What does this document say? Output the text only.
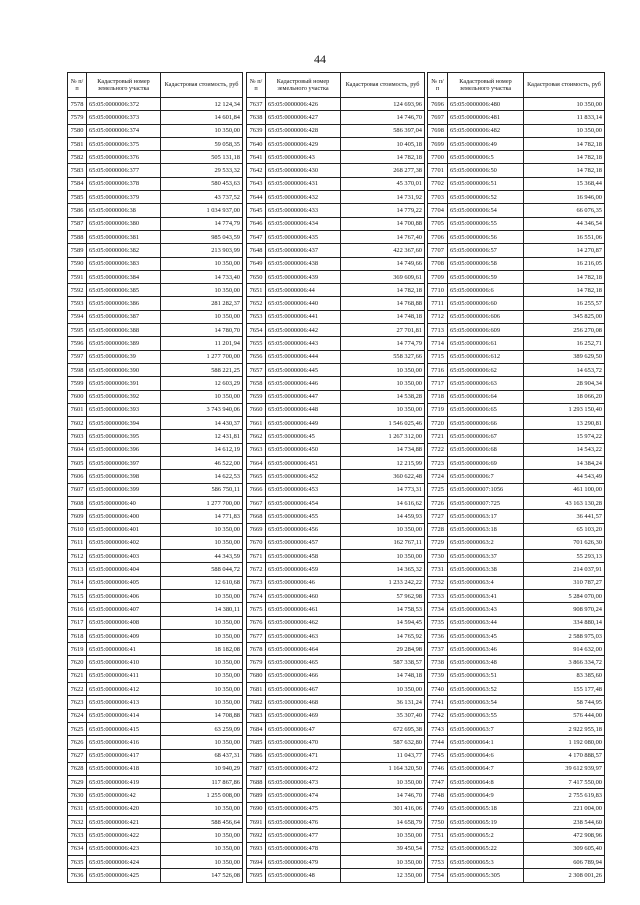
44
№ п/п	Кадастровый номер земельного участка	Кадастровая стоимость, руб
7578	65:05:0000006:372	12 124,34
7579	65:05:0000006:373	14 601,84
7580	65:05:0000006:374	10 350,00
7581	65:05:0000006:375	59 058,35
7582	65:05:0000006:376	505 131,18
7583	65:05:0000006:377	29 533,32
7584	65:05:0000006:378	580 453,63
7585	65:05:0000006:379	43 737,52
7586	65:05:0000006:38	1 034 937,00
7587	65:05:0000006:380	14 774,79
7588	65:05:0000006:381	985 043,59
7589	65:05:0000006:382	213 903,99
7590	65:05:0000006:383	10 350,00
7591	65:05:0000006:384	14 733,40
7592	65:05:0000006:385	10 350,00
7593	65:05:0000006:386	281 282,37
7594	65:05:0000006:387	10 350,00
7595	65:05:0000006:388	14 780,70
7596	65:05:0000006:389	11 201,94
7597	65:05:0000006:39	1 277 700,00
7598	65:05:0000006:390	588 221,25
7599	65:05:0000006:391	12 603,29
7600	65:05:0000006:392	10 350,00
7601	65:05:0000006:393	3 743 940,06
7602	65:05:0000006:394	14 430,37
7603	65:05:0000006:395	12 431,81
7604	65:05:0000006:396	14 612,19
7605	65:05:0000006:397	46 522,00
7606	65:05:0000006:398	14 622,53
7607	65:05:0000006:399	586 750,11
7608	65:05:0000006:40	1 277 700,00
7609	65:05:0000006:400	14 771,83
7610	65:05:0000006:401	10 350,00
7611	65:05:0000006:402	10 350,00
7612	65:05:0000006:403	44 343,59
7613	65:05:0000006:404	588 044,72
7614	65:05:0000006:405	12 610,68
7615	65:05:0000006:406	10 350,00
7616	65:05:0000006:407	14 380,11
7617	65:05:0000006:408	10 350,00
7618	65:05:0000006:409	10 350,00
7619	65:05:0000006:41	18 182,08
7620	65:05:0000006:410	10 350,00
7621	65:05:0000006:411	10 350,00
7622	65:05:0000006:412	10 350,00
7623	65:05:0000006:413	10 350,00
7624	65:05:0000006:414	14 708,88
7625	65:05:0000006:415	63 259,09
7626	65:05:0000006:416	10 350,00
7627	65:05:0000006:417	68 437,31
7628	65:05:0000006:418	10 940,29
7629	65:05:0000006:419	117 867,86
7630	65:05:0000006:42	1 255 008,00
7631	65:05:0000006:420	10 350,00
7632	65:05:0000006:421	588 456,64
7633	65:05:0000006:422	10 350,00
7634	65:05:0000006:423	10 350,00
7635	65:05:0000006:424	10 350,00
7636	65:05:0000006:425	147 526,08
№ п/п	Кадастровый номер земельного участка	Кадастровая стоимость, руб
7637	65:05:0000006:426	124 693,96
7638	65:05:0000006:427	14 746,70
7639	65:05:0000006:428	586 397,04
7640	65:05:0000006:429	10 405,18
7641	65:05:0000006:43	14 782,18
7642	65:05:0000006:430	268 277,38
7643	65:05:0000006:431	45 370,01
7644	65:05:0000006:432	14 731,92
7645	65:05:0000006:433	14 779,22
7646	65:05:0000006:434	14 700,88
7647	65:05:0000006:435	14 767,40
7648	65:05:0000006:437	422 367,60
7649	65:05:0000006:438	14 749,66
7650	65:05:0000006:439	369 609,61
7651	65:05:0000006:44	14 782,18
7652	65:05:0000006:440	14 768,88
7653	65:05:0000006:441	14 748,18
7654	65:05:0000006:442	27 701,81
7655	65:05:0000006:443	14 774,79
7656	65:05:0000006:444	558 327,66
7657	65:05:0000006:445	10 350,00
7658	65:05:0000006:446	10 350,00
7659	65:05:0000006:447	14 538,28
7660	65:05:0000006:448	10 350,00
7661	65:05:0000006:449	1 546 025,46
7662	65:05:0000006:45	1 267 312,00
7663	65:05:0000006:450	14 734,88
7664	65:05:0000006:451	12 215,99
7665	65:05:0000006:452	360 622,48
7666	65:05:0000006:453	14 773,31
7667	65:05:0000006:454	14 616,62
7668	65:05:0000006:455	14 459,93
7669	65:05:0000006:456	10 350,00
7670	65:05:0000006:457	162 767,11
7671	65:05:0000006:458	10 350,00
7672	65:05:0000006:459	14 365,32
7673	65:05:0000006:46	1 233 242,22
7674	65:05:0000006:460	57 962,98
7675	65:05:0000006:461	14 758,53
7676	65:05:0000006:462	14 594,45
7677	65:05:0000006:463	14 765,92
7678	65:05:0000006:464	29 284,98
7679	65:05:0000006:465	587 338,57
7680	65:05:0000006:466	14 748,18
7681	65:05:0000006:467	10 350,00
7682	65:05:0000006:468	36 131,24
7683	65:05:0000006:469	35 307,40
7684	65:05:0000006:47	672 695,38
7685	65:05:0000006:470	587 632,80
7686	65:05:0000006:471	11 043,77
7687	65:05:0000006:472	1 164 320,50
7688	65:05:0000006:473	10 350,00
7689	65:05:0000006:474	14 746,70
7690	65:05:0000006:475	301 416,06
7691	65:05:0000006:476	14 658,79
7692	65:05:0000006:477	10 350,00
7693	65:05:0000006:478	39 450,54
7694	65:05:0000006:479	10 350,00
7695	65:05:0000006:48	12 350,00
№ п/п	Кадастровый номер земельного участка	Кадастровая стоимость, руб
7696	65:05:0000006:480	10 350,00
7697	65:05:0000006:481	11 833,14
7698	65:05:0000006:482	10 350,00
7699	65:05:0000006:49	14 782,18
7700	65:05:0000006:5	14 782,18
7701	65:05:0000006:50	14 782,18
7702	65:05:0000006:51	15 368,44
7703	65:05:0000006:52	16 946,00
7704	65:05:0000006:54	66 076,35
7705	65:05:0000006:55	44 346,54
7706	65:05:0000006:56	16 551,06
7707	65:05:0000006:57	14 270,87
7708	65:05:0000006:58	16 216,05
7709	65:05:0000006:59	14 782,18
7710	65:05:0000006:6	14 782,18
7711	65:05:0000006:60	16 255,57
7712	65:05:0000006:606	345 825,00
7713	65:05:0000006:609	256 270,08
7714	65:05:0000006:61	16 252,71
7715	65:05:0000006:612	389 629,50
7716	65:05:0000006:62	14 653,72
7717	65:05:0000006:63	28 904,34
7718	65:05:0000006:64	18 066,20
7719	65:05:0000006:65	1 293 150,40
7720	65:05:0000006:66	13 290,81
7721	65:05:0000006:67	15 974,22
7722	65:05:0000006:68	14 543,22
7723	65:05:0000006:69	14 384,24
7724	65:05:0000006:7	44 543,49
7725	65:05:0000007:1056	461 100,00
7726	65:05:0000007:725	43 163 130,28
7727	65:05:0000063:17	36 441,57
7728	65:05:0000063:18	65 103,20
7729	65:05:0000063:2	701 626,30
7730	65:05:0000063:37	55 293,13
7731	65:05:0000063:38	214 037,91
7732	65:05:0000063:4	310 787,27
7733	65:05:0000063:41	5 284 070,00
7734	65:05:0000063:43	908 970,24
7735	65:05:0000063:44	334 880,14
7736	65:05:0000063:45	2 588 975,03
7737	65:05:0000063:46	914 632,00
7738	65:05:0000063:48	3 866 334,72
7739	65:05:0000063:51	83 385,60
7740	65:05:0000063:52	155 177,48
7741	65:05:0000063:54	58 744,95
7742	65:05:0000063:55	576 444,00
7743	65:05:0000063:7	2 922 955,18
7744	65:05:0000064:1	1 192 080,00
7745	65:05:0000064:6	4 170 888,57
7746	65:05:0000064:7	39 612 939,97
7747	65:05:0000064:8	7 417 550,00
7748	65:05:0000064:9	2 755 619,83
7749	65:05:0000065:18	221 004,00
7750	65:05:0000065:19	238 544,60
7751	65:05:0000065:2	472 908,96
7752	65:05:0000065:22	309 605,40
7753	65:05:0000065:3	606 789,94
7754	65:05:0000065:305	2 308 001,26
